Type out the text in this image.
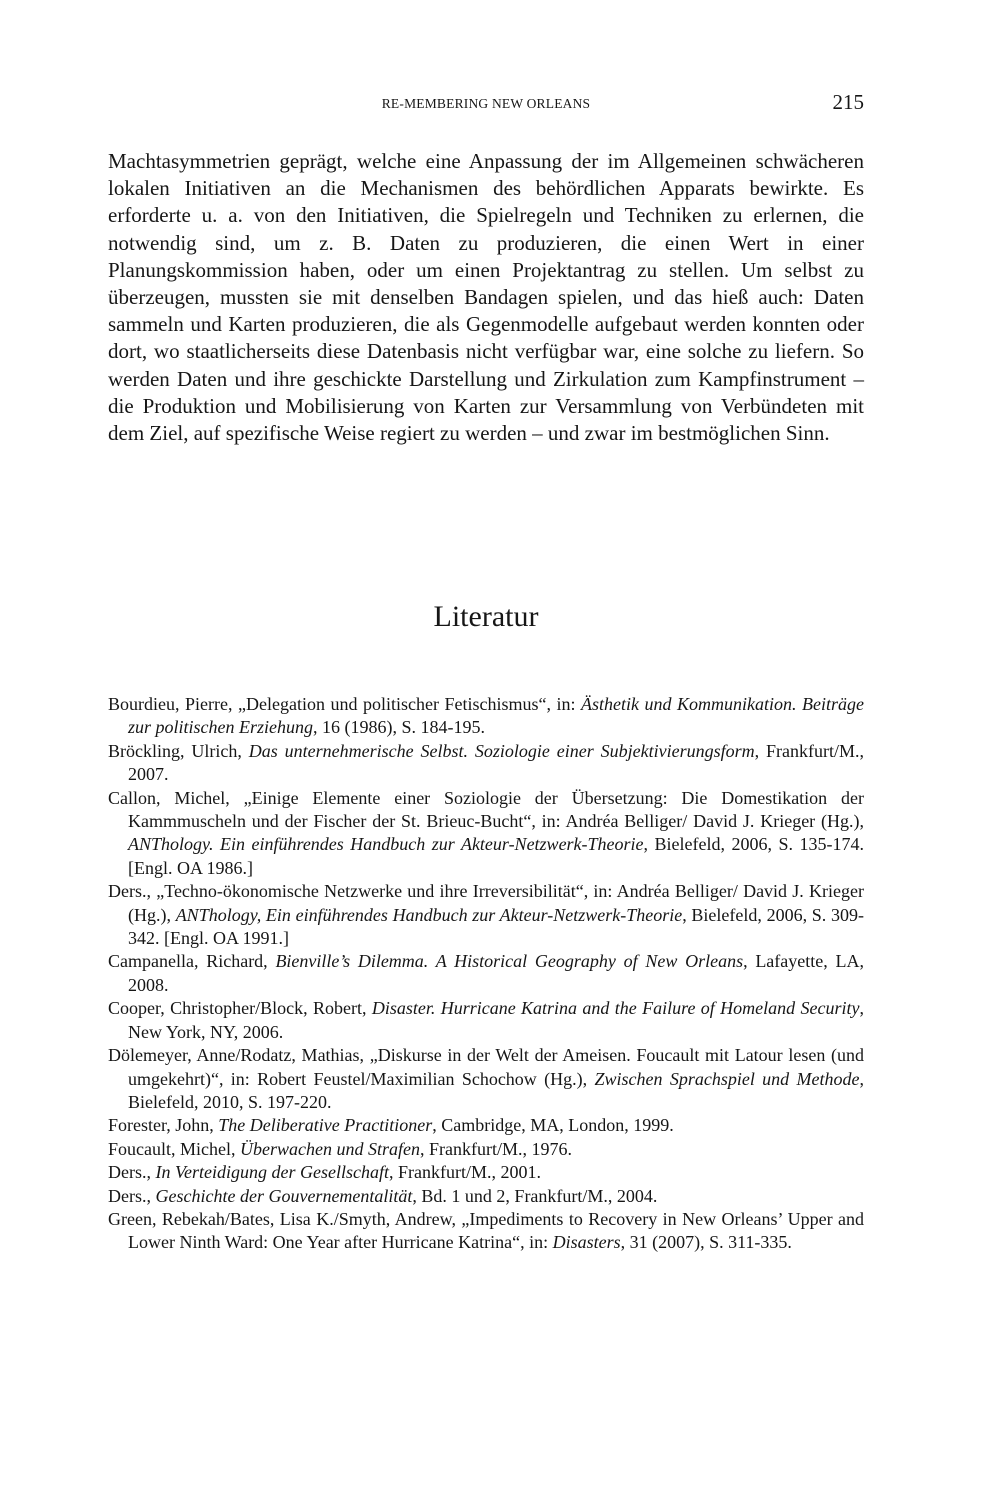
RE-MEMBERING NEW ORLEANS	215

Machtasymmetrien geprägt, welche eine Anpassung der im Allgemeinen schwächeren lokalen Initiativen an die Mechanismen des behördlichen Apparats bewirkte. Es erforderte u. a. von den Initiativen, die Spielregeln und Techniken zu erlernen, die notwendig sind, um z. B. Daten zu produzieren, die einen Wert in einer Planungskommission haben, oder um einen Projektantrag zu stellen. Um selbst zu überzeugen, mussten sie mit denselben Bandagen spielen, und das hieß auch: Daten sammeln und Karten produzieren, die als Gegenmodelle aufgebaut werden konnten oder dort, wo staatlicherseits diese Datenbasis nicht verfügbar war, eine solche zu liefern. So werden Daten und ihre geschickte Darstellung und Zirkulation zum Kampfinstrument – die Produktion und Mobilisierung von Karten zur Versammlung von Verbündeten mit dem Ziel, auf spezifische Weise regiert zu werden – und zwar im bestmöglichen Sinn.

Literatur
Bourdieu, Pierre, „Delegation und politischer Fetischismus“, in: Ästhetik und Kommunikation. Beiträge zur politischen Erziehung, 16 (1986), S. 184-195.
Bröckling, Ulrich, Das unternehmerische Selbst. Soziologie einer Subjektivierungsform, Frankfurt/M., 2007.
Callon, Michel, „Einige Elemente einer Soziologie der Übersetzung: Die Domestikation der Kammmuscheln und der Fischer der St. Brieuc-Bucht“, in: Andréa Belliger/ David J. Krieger (Hg.), ANThology. Ein einführendes Handbuch zur Akteur-Netzwerk-Theorie, Bielefeld, 2006, S. 135-174. [Engl. OA 1986.]
Ders., „Techno-ökonomische Netzwerke und ihre Irreversibilität“, in: Andréa Belliger/ David J. Krieger (Hg.), ANThology, Ein einführendes Handbuch zur Akteur-Netzwerk-Theorie, Bielefeld, 2006, S. 309-342. [Engl. OA 1991.]
Campanella, Richard, Bienville’s Dilemma. A Historical Geography of New Orleans, Lafayette, LA, 2008.
Cooper, Christopher/Block, Robert, Disaster. Hurricane Katrina and the Failure of Homeland Security, New York, NY, 2006.
Dölemeyer, Anne/Rodatz, Mathias, „Diskurse in der Welt der Ameisen. Foucault mit Latour lesen (und umgekehrt)“, in: Robert Feustel/Maximilian Schochow (Hg.), Zwischen Sprachspiel und Methode, Bielefeld, 2010, S. 197-220.
Forester, John, The Deliberative Practitioner, Cambridge, MA, London, 1999.
Foucault, Michel, Überwachen und Strafen, Frankfurt/M., 1976.
Ders., In Verteidigung der Gesellschaft, Frankfurt/M., 2001.
Ders., Geschichte der Gouvernementalität, Bd. 1 und 2, Frankfurt/M., 2004.
Green, Rebekah/Bates, Lisa K./Smyth, Andrew, „Impediments to Recovery in New Orleans’ Upper and Lower Ninth Ward: One Year after Hurricane Katrina“, in: Disasters, 31 (2007), S. 311-335.
